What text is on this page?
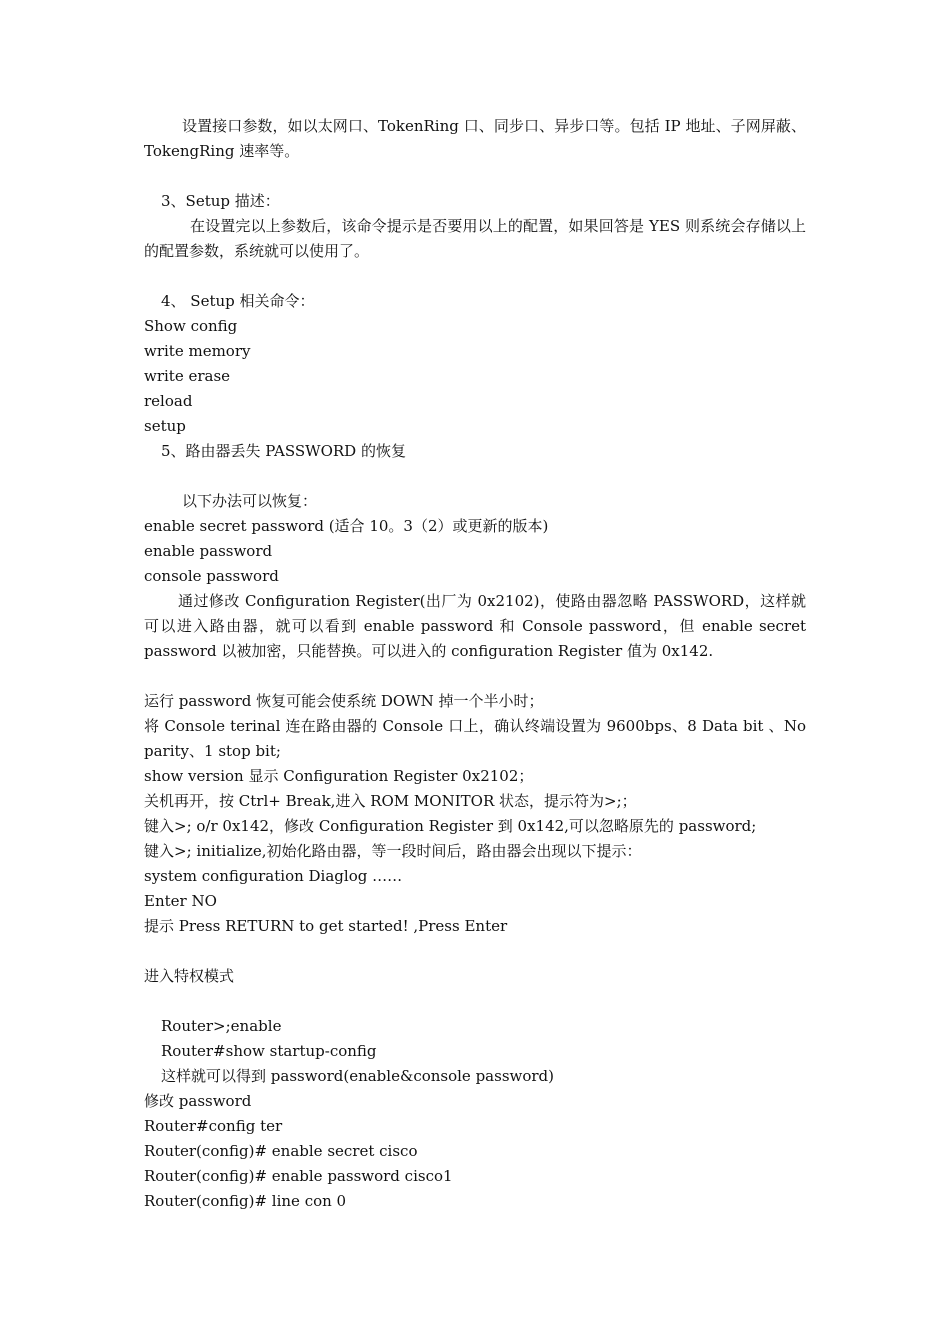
设置接口参数，如以太网口、TokenRing 口、同步口、异步口等。包括 IP 地址、子网屏蔽、TokengRing 速率等。
3、Setup 描述：
在设置完以上参数后，该命令提示是否要用以上的配置，如果回答是 YES 则系统会存储以上的配置参数，系统就可以使用了。
4、 Setup 相关命令：
Show config
write memory
write erase
reload
setup
5、路由器丢失 PASSWORD 的恢复
以下办法可以恢复：
enable secret password (适合 10。3（2）或更新的版本)
enable password
console password
通过修改 Configuration Register(出厂为 0x2102)，使路由器忽略 PASSWORD，这样就可以进入路由器，就可以看到 enable password 和 Console password，但 enable secret password 以被加密，只能替换。可以进入的 configuration Register 值为 0x142.
运行 password 恢复可能会使系统 DOWN 掉一个半小时；
将 Console terinal 连在路由器的 Console 口上，确认终端设置为 9600bps、8 Data bit 、No parity、1 stop bit;
show version 显示 Configuration Register 0x2102；
关机再开，按 Ctrl+ Break,进入 ROM MONITOR 状态，提示符为>;；
键入>; o/r 0x142，修改 Configuration Register 到 0x142,可以忽略原先的 password;
键入>; initialize,初始化路由器，等一段时间后，路由器会出现以下提示：
system configuration Diaglog ……
Enter NO
提示 Press RETURN to get started! ,Press Enter
进入特权模式
Router>;enable
Router#show startup-config
这样就可以得到 password(enable&console password)
修改 password
Router#config ter
Router(config)# enable secret cisco
Router(config)# enable password cisco1
Router(config)# line con 0
